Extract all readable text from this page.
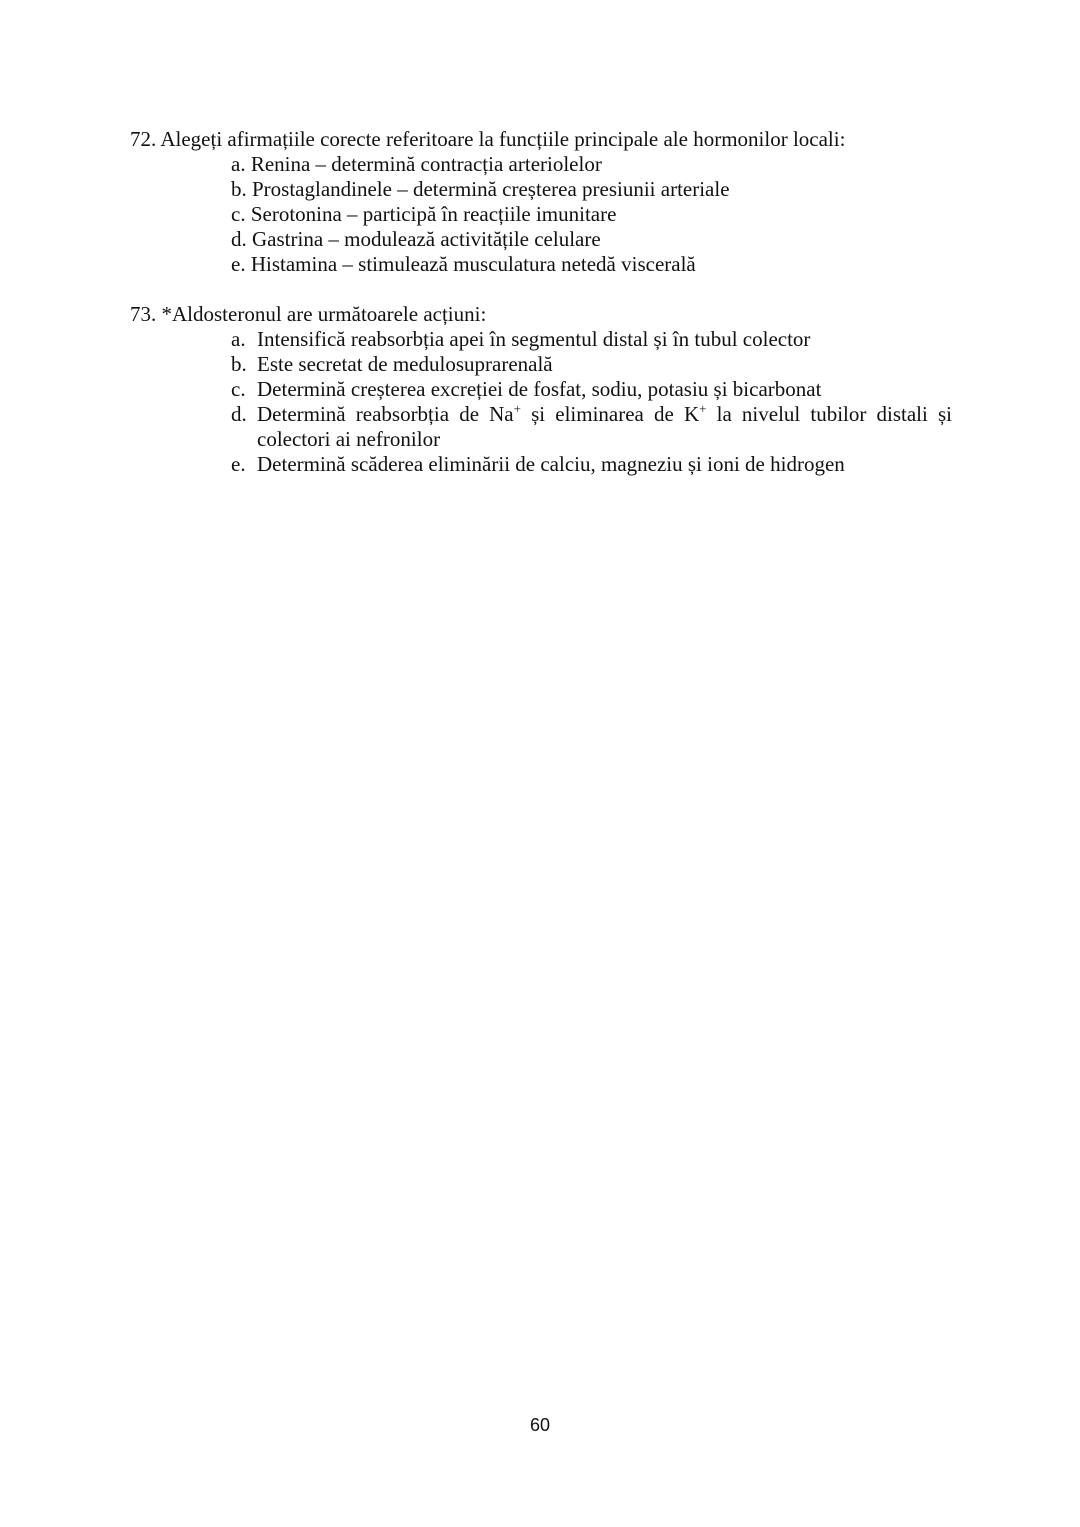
72. Alegeți afirmațiile corecte referitoare la funcțiile principale ale hormonilor locali:

a. Renina – determină contracția arteriolelor
b. Prostaglandinele – determină creșterea presiunii arteriale
c. Serotonina – participă în reacțiile imunitare
d. Gastrina – modulează activitățile celulare
e. Histamina – stimulează musculatura netedă viscerală

73. *Aldosteronul are următoarele acțiuni:

a. Intensifică reabsorbția apei în segmentul distal și în tubul colector
b. Este secretat de medulosuprarenală
c. Determină creșterea excreției de fosfat, sodiu, potasiu și bicarbonat
d. Determină reabsorbția de Na+ și eliminarea de K+ la nivelul tubilor distali și colectori ai nefronilor
e. Determină scăderea eliminării de calciu, magneziu și ioni de hidrogen
60
